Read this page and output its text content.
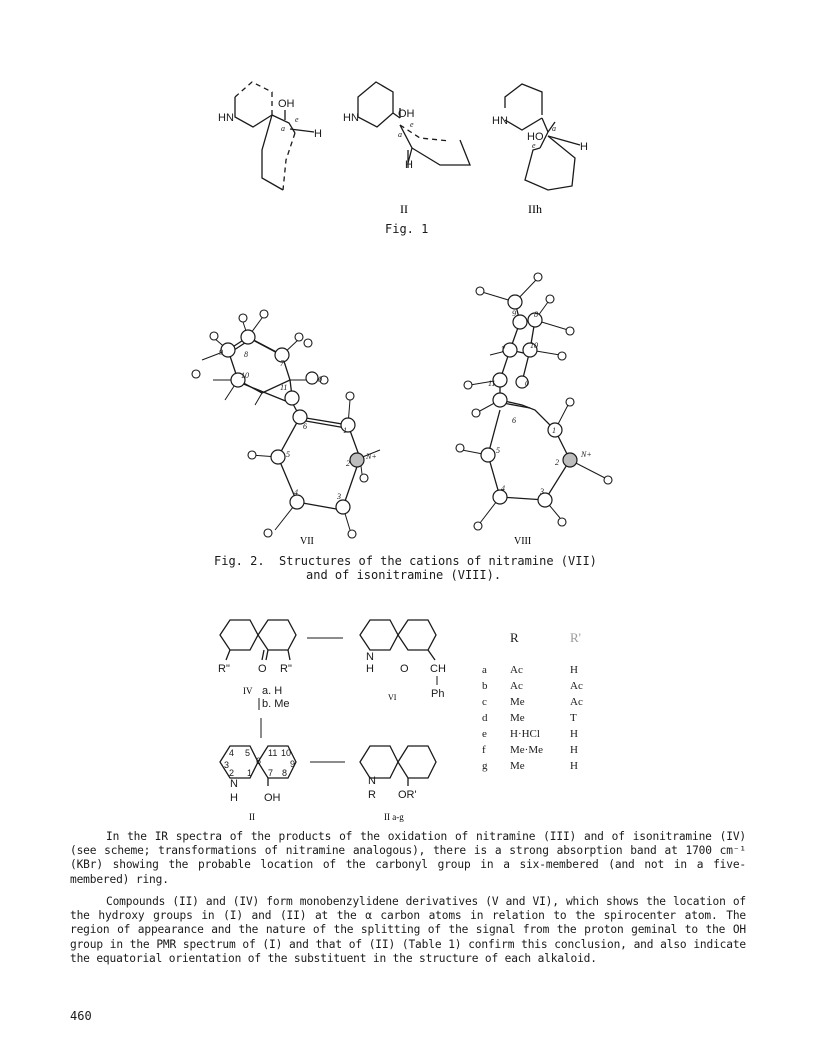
HN
OH
e
a	H
HN	OH
e
a
H
II
HN
HO
e
a
H
IIh
Fig. 1
9	8
7
10
11
6	1
2
3
4
5
0
N+
VII
9 8
7	10
11
6
1
2
3
4
5
0
N+
VIII
Fig. 2.  Structures of the cations of nitramine (VII)
and of isonitramine (VIII).
R"	O R"
IV a. H
b. Me
N
H O CH
Ph
VI
4 5
3
2 1
6
11 10
7 8
9
N
H OH
II
N
R OR'
II a-g
	R	R'

a	Ac	H
b	Ac	Ac
c	Me	Ac
d	Me	T
e	H·HCl	H
f	Me·Me	H
g	Me	H
In the IR spectra of the products of the oxidation of nitramine (III) and of isonitramine (IV) (see scheme; transformations of nitramine analogous), there is a strong absorption band at 1700 cm⁻¹ (KBr) showing the probable location of the carbonyl group in a six-membered (and not in a five-membered) ring.
Compounds (II) and (IV) form monobenzylidene derivatives (V and VI), which shows the location of the hydroxy groups in (I) and (II) at the α carbon atoms in relation to the spirocenter atom. The region of appearance and the nature of the splitting of the signal from the proton geminal to the OH group in the PMR spectrum of (I) and that of (II) (Table 1) confirm this conclusion, and also indicate the equatorial orientation of the substituent in the structure of each alkaloid.
460
